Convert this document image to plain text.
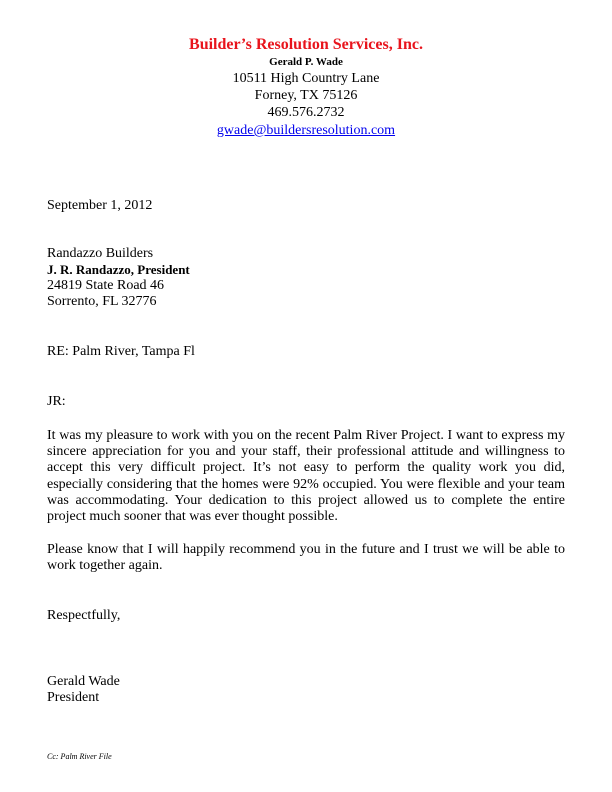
Builder’s Resolution Services, Inc.
Gerald P. Wade
10511 High Country Lane
Forney, TX 75126
469.576.2732
gwade@buildersresolution.com
September 1, 2012
Randazzo Builders
J. R. Randazzo, President
24819 State Road 46
Sorrento, FL 32776
RE: Palm River, Tampa Fl
JR:
It was my pleasure to work with you on the recent Palm River Project. I want to express my sincere appreciation for you and your staff, their professional attitude and willingness to accept this very difficult project. It’s not easy to perform the quality work you did, especially considering that the homes were 92% occupied. You were flexible and your team was accommodating. Your dedication to this project allowed us to complete the entire project much sooner that was ever thought possible.
Please know that I will happily recommend you in the future and I trust we will be able to work together again.
Respectfully,
Gerald Wade
President
Cc: Palm River File
